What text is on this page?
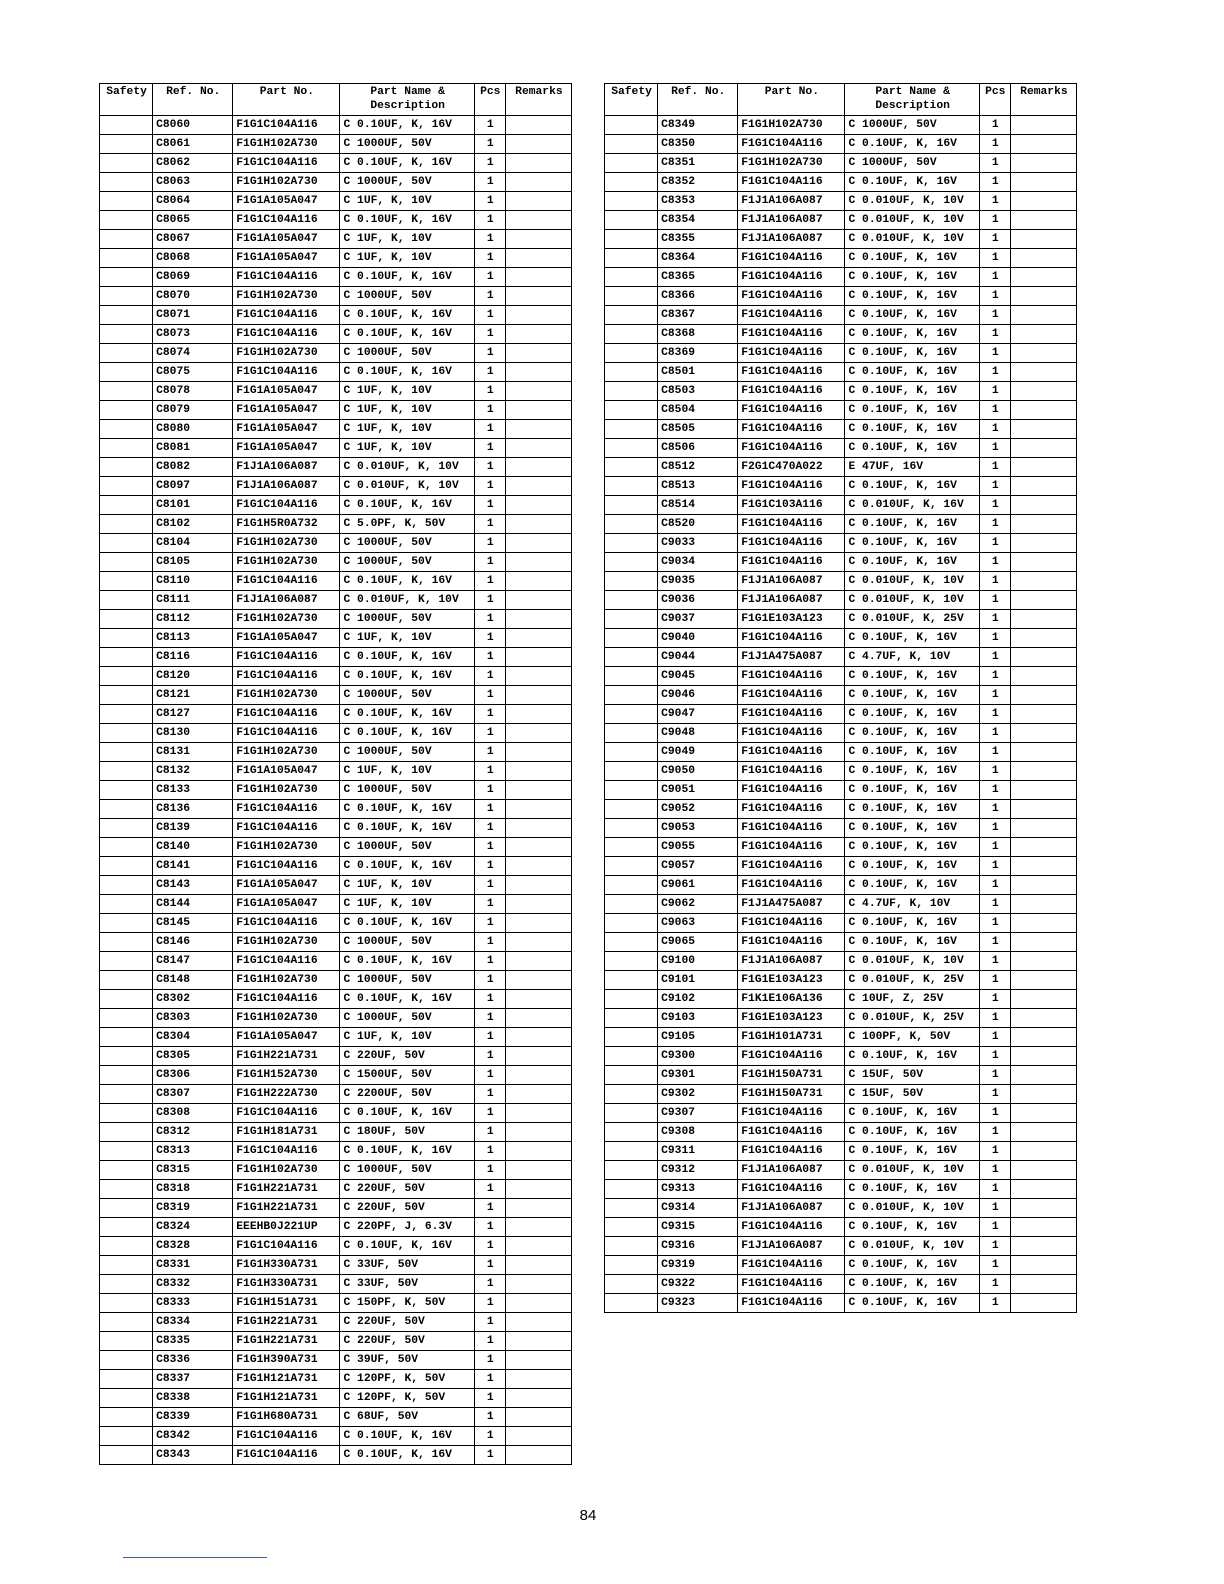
Safety	Ref. No.	Part No.	Part Name & Description	Pcs	Remarks
	C8060	F1G1C104A116	C 0.10UF, K, 16V	1	
	C8061	F1G1H102A730	C 1000UF, 50V	1	
	C8062	F1G1C104A116	C 0.10UF, K, 16V	1	
	C8063	F1G1H102A730	C 1000UF, 50V	1	
	C8064	F1G1A105A047	C 1UF, K, 10V	1	
	C8065	F1G1C104A116	C 0.10UF, K, 16V	1	
	C8067	F1G1A105A047	C 1UF, K, 10V	1	
	C8068	F1G1A105A047	C 1UF, K, 10V	1	
	C8069	F1G1C104A116	C 0.10UF, K, 16V	1	
	C8070	F1G1H102A730	C 1000UF, 50V	1	
	C8071	F1G1C104A116	C 0.10UF, K, 16V	1	
	C8073	F1G1C104A116	C 0.10UF, K, 16V	1	
	C8074	F1G1H102A730	C 1000UF, 50V	1	
	C8075	F1G1C104A116	C 0.10UF, K, 16V	1	
	C8078	F1G1A105A047	C 1UF, K, 10V	1	
	C8079	F1G1A105A047	C 1UF, K, 10V	1	
	C8080	F1G1A105A047	C 1UF, K, 10V	1	
	C8081	F1G1A105A047	C 1UF, K, 10V	1	
	C8082	F1J1A106A087	C 0.010UF, K, 10V	1	
	C8097	F1J1A106A087	C 0.010UF, K, 10V	1	
	C8101	F1G1C104A116	C 0.10UF, K, 16V	1	
	C8102	F1G1H5R0A732	C 5.0PF, K, 50V	1	
	C8104	F1G1H102A730	C 1000UF, 50V	1	
	C8105	F1G1H102A730	C 1000UF, 50V	1	
	C8110	F1G1C104A116	C 0.10UF, K, 16V	1	
	C8111	F1J1A106A087	C 0.010UF, K, 10V	1	
	C8112	F1G1H102A730	C 1000UF, 50V	1	
	C8113	F1G1A105A047	C 1UF, K, 10V	1	
	C8116	F1G1C104A116	C 0.10UF, K, 16V	1	
	C8120	F1G1C104A116	C 0.10UF, K, 16V	1	
	C8121	F1G1H102A730	C 1000UF, 50V	1	
	C8127	F1G1C104A116	C 0.10UF, K, 16V	1	
	C8130	F1G1C104A116	C 0.10UF, K, 16V	1	
	C8131	F1G1H102A730	C 1000UF, 50V	1	
	C8132	F1G1A105A047	C 1UF, K, 10V	1	
	C8133	F1G1H102A730	C 1000UF, 50V	1	
	C8136	F1G1C104A116	C 0.10UF, K, 16V	1	
	C8139	F1G1C104A116	C 0.10UF, K, 16V	1	
	C8140	F1G1H102A730	C 1000UF, 50V	1	
	C8141	F1G1C104A116	C 0.10UF, K, 16V	1	
	C8143	F1G1A105A047	C 1UF, K, 10V	1	
	C8144	F1G1A105A047	C 1UF, K, 10V	1	
	C8145	F1G1C104A116	C 0.10UF, K, 16V	1	
	C8146	F1G1H102A730	C 1000UF, 50V	1	
	C8147	F1G1C104A116	C 0.10UF, K, 16V	1	
	C8148	F1G1H102A730	C 1000UF, 50V	1	
	C8302	F1G1C104A116	C 0.10UF, K, 16V	1	
	C8303	F1G1H102A730	C 1000UF, 50V	1	
	C8304	F1G1A105A047	C 1UF, K, 10V	1	
	C8305	F1G1H221A731	C 220UF, 50V	1	
	C8306	F1G1H152A730	C 1500UF, 50V	1	
	C8307	F1G1H222A730	C 2200UF, 50V	1	
	C8308	F1G1C104A116	C 0.10UF, K, 16V	1	
	C8312	F1G1H181A731	C 180UF, 50V	1	
	C8313	F1G1C104A116	C 0.10UF, K, 16V	1	
	C8315	F1G1H102A730	C 1000UF, 50V	1	
	C8318	F1G1H221A731	C 220UF, 50V	1	
	C8319	F1G1H221A731	C 220UF, 50V	1	
	C8324	EEEHB0J221UP	C 220PF, J, 6.3V	1	
	C8328	F1G1C104A116	C 0.10UF, K, 16V	1	
	C8331	F1G1H330A731	C 33UF, 50V	1	
	C8332	F1G1H330A731	C 33UF, 50V	1	
	C8333	F1G1H151A731	C 150PF, K, 50V	1	
	C8334	F1G1H221A731	C 220UF, 50V	1	
	C8335	F1G1H221A731	C 220UF, 50V	1	
	C8336	F1G1H390A731	C 39UF, 50V	1	
	C8337	F1G1H121A731	C 120PF, K, 50V	1	
	C8338	F1G1H121A731	C 120PF, K, 50V	1	
	C8339	F1G1H680A731	C 68UF, 50V	1	
	C8342	F1G1C104A116	C 0.10UF, K, 16V	1	
	C8343	F1G1C104A116	C 0.10UF, K, 16V	1	
Safety	Ref. No.	Part No.	Part Name & Description	Pcs	Remarks
	C8349	F1G1H102A730	C 1000UF, 50V	1	
	C8350	F1G1C104A116	C 0.10UF, K, 16V	1	
	C8351	F1G1H102A730	C 1000UF, 50V	1	
	C8352	F1G1C104A116	C 0.10UF, K, 16V	1	
	C8353	F1J1A106A087	C 0.010UF, K, 10V	1	
	C8354	F1J1A106A087	C 0.010UF, K, 10V	1	
	C8355	F1J1A106A087	C 0.010UF, K, 10V	1	
	C8364	F1G1C104A116	C 0.10UF, K, 16V	1	
	C8365	F1G1C104A116	C 0.10UF, K, 16V	1	
	C8366	F1G1C104A116	C 0.10UF, K, 16V	1	
	C8367	F1G1C104A116	C 0.10UF, K, 16V	1	
	C8368	F1G1C104A116	C 0.10UF, K, 16V	1	
	C8369	F1G1C104A116	C 0.10UF, K, 16V	1	
	C8501	F1G1C104A116	C 0.10UF, K, 16V	1	
	C8503	F1G1C104A116	C 0.10UF, K, 16V	1	
	C8504	F1G1C104A116	C 0.10UF, K, 16V	1	
	C8505	F1G1C104A116	C 0.10UF, K, 16V	1	
	C8506	F1G1C104A116	C 0.10UF, K, 16V	1	
	C8512	F2G1C470A022	E 47UF, 16V	1	
	C8513	F1G1C104A116	C 0.10UF, K, 16V	1	
	C8514	F1G1C103A116	C 0.010UF, K, 16V	1	
	C8520	F1G1C104A116	C 0.10UF, K, 16V	1	
	C9033	F1G1C104A116	C 0.10UF, K, 16V	1	
	C9034	F1G1C104A116	C 0.10UF, K, 16V	1	
	C9035	F1J1A106A087	C 0.010UF, K, 10V	1	
	C9036	F1J1A106A087	C 0.010UF, K, 10V	1	
	C9037	F1G1E103A123	C 0.010UF, K, 25V	1	
	C9040	F1G1C104A116	C 0.10UF, K, 16V	1	
	C9044	F1J1A475A087	C 4.7UF, K, 10V	1	
	C9045	F1G1C104A116	C 0.10UF, K, 16V	1	
	C9046	F1G1C104A116	C 0.10UF, K, 16V	1	
	C9047	F1G1C104A116	C 0.10UF, K, 16V	1	
	C9048	F1G1C104A116	C 0.10UF, K, 16V	1	
	C9049	F1G1C104A116	C 0.10UF, K, 16V	1	
	C9050	F1G1C104A116	C 0.10UF, K, 16V	1	
	C9051	F1G1C104A116	C 0.10UF, K, 16V	1	
	C9052	F1G1C104A116	C 0.10UF, K, 16V	1	
	C9053	F1G1C104A116	C 0.10UF, K, 16V	1	
	C9055	F1G1C104A116	C 0.10UF, K, 16V	1	
	C9057	F1G1C104A116	C 0.10UF, K, 16V	1	
	C9061	F1G1C104A116	C 0.10UF, K, 16V	1	
	C9062	F1J1A475A087	C 4.7UF, K, 10V	1	
	C9063	F1G1C104A116	C 0.10UF, K, 16V	1	
	C9065	F1G1C104A116	C 0.10UF, K, 16V	1	
	C9100	F1J1A106A087	C 0.010UF, K, 10V	1	
	C9101	F1G1E103A123	C 0.010UF, K, 25V	1	
	C9102	F1K1E106A136	C 10UF, Z, 25V	1	
	C9103	F1G1E103A123	C 0.010UF, K, 25V	1	
	C9105	F1G1H101A731	C 100PF, K, 50V	1	
	C9300	F1G1C104A116	C 0.10UF, K, 16V	1	
	C9301	F1G1H150A731	C 15UF, 50V	1	
	C9302	F1G1H150A731	C 15UF, 50V	1	
	C9307	F1G1C104A116	C 0.10UF, K, 16V	1	
	C9308	F1G1C104A116	C 0.10UF, K, 16V	1	
	C9311	F1G1C104A116	C 0.10UF, K, 16V	1	
	C9312	F1J1A106A087	C 0.010UF, K, 10V	1	
	C9313	F1G1C104A116	C 0.10UF, K, 16V	1	
	C9314	F1J1A106A087	C 0.010UF, K, 10V	1	
	C9315	F1G1C104A116	C 0.10UF, K, 16V	1	
	C9316	F1J1A106A087	C 0.010UF, K, 10V	1	
	C9319	F1G1C104A116	C 0.10UF, K, 16V	1	
	C9322	F1G1C104A116	C 0.10UF, K, 16V	1	
	C9323	F1G1C104A116	C 0.10UF, K, 16V	1	
84
